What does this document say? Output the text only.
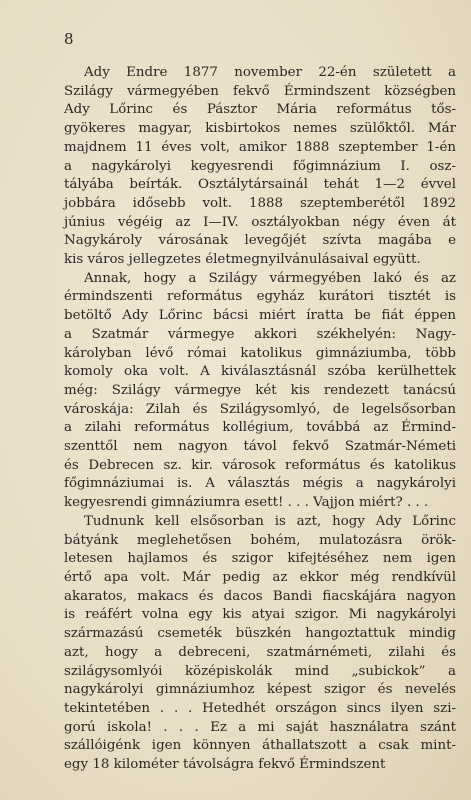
8
Ady Endre 1877 november 22-én született a
Szilágy vármegyében fekvő Érmindszent községben
Ady Lőrinc és Pásztor Mária református tős-
gyökeres magyar, kisbirtokos nemes szülőktől. Már
majdnem 11 éves volt, amikor 1888 szeptember 1-én
a nagykárolyi kegyesrendi főgimnázium I. osz-
tályába beírták. Osztálytársainál tehát 1—2 évvel
jobbára idősebb volt. 1888 szeptemberétől 1892
június végéig az I—IV. osztályokban négy éven át
Nagykároly városának levegőjét szívta magába e
kis város jellegzetes életmegnyilvánulásaival együtt.
Annak, hogy a Szilágy vármegyében lakó és az
érmindszenti református egyház kurátori tisztét is
betöltő Ady Lőrinc bácsi miért íratta be fiát éppen
a Szatmár vármegye akkori székhelyén: Nagy-
károlyban lévő római katolikus gimnáziumba, több
komoly oka volt. A kiválasztásnál szóba kerülhettek
még: Szilágy vármegye két kis rendezett tanácsú
városkája: Zilah és Szilágysomlyó, de legelsősorban
a zilahi református kollégium, továbbá az Érmind-
szenttől nem nagyon távol fekvő Szatmár-Németi
és Debrecen sz. kir. városok református és katolikus
főgimnáziumai is. A választás mégis a nagykárolyi
kegyesrendi gimnáziumra esett! . . . Vajjon miért? . . .
Tudnunk kell elsősorban is azt, hogy Ady Lőrinc
bátyánk meglehetősen bohém, mulatozásra örök-
letesen hajlamos és szigor kifejtéséhez nem igen
értő apa volt. Már pedig az ekkor még rendkívül
akaratos, makacs és dacos Bandi fiacskájára nagyon
is reáfért volna egy kis atyai szigor. Mi nagykárolyi
származású csemeték büszkén hangoztattuk mindig
azt, hogy a debreceni, szatmárnémeti, zilahi és
szilágysomlyói középiskolák mind „subickok” a
nagykárolyi gimnáziumhoz képest szigor és nevelés
tekintetében . . . Hetedhét országon sincs ilyen szi-
gorú iskola! . . . Ez a mi saját használatra szánt
szállóigénk igen könnyen áthallatszott a csak mint-
egy 18 kilométer távolságra fekvő Érmindszent
